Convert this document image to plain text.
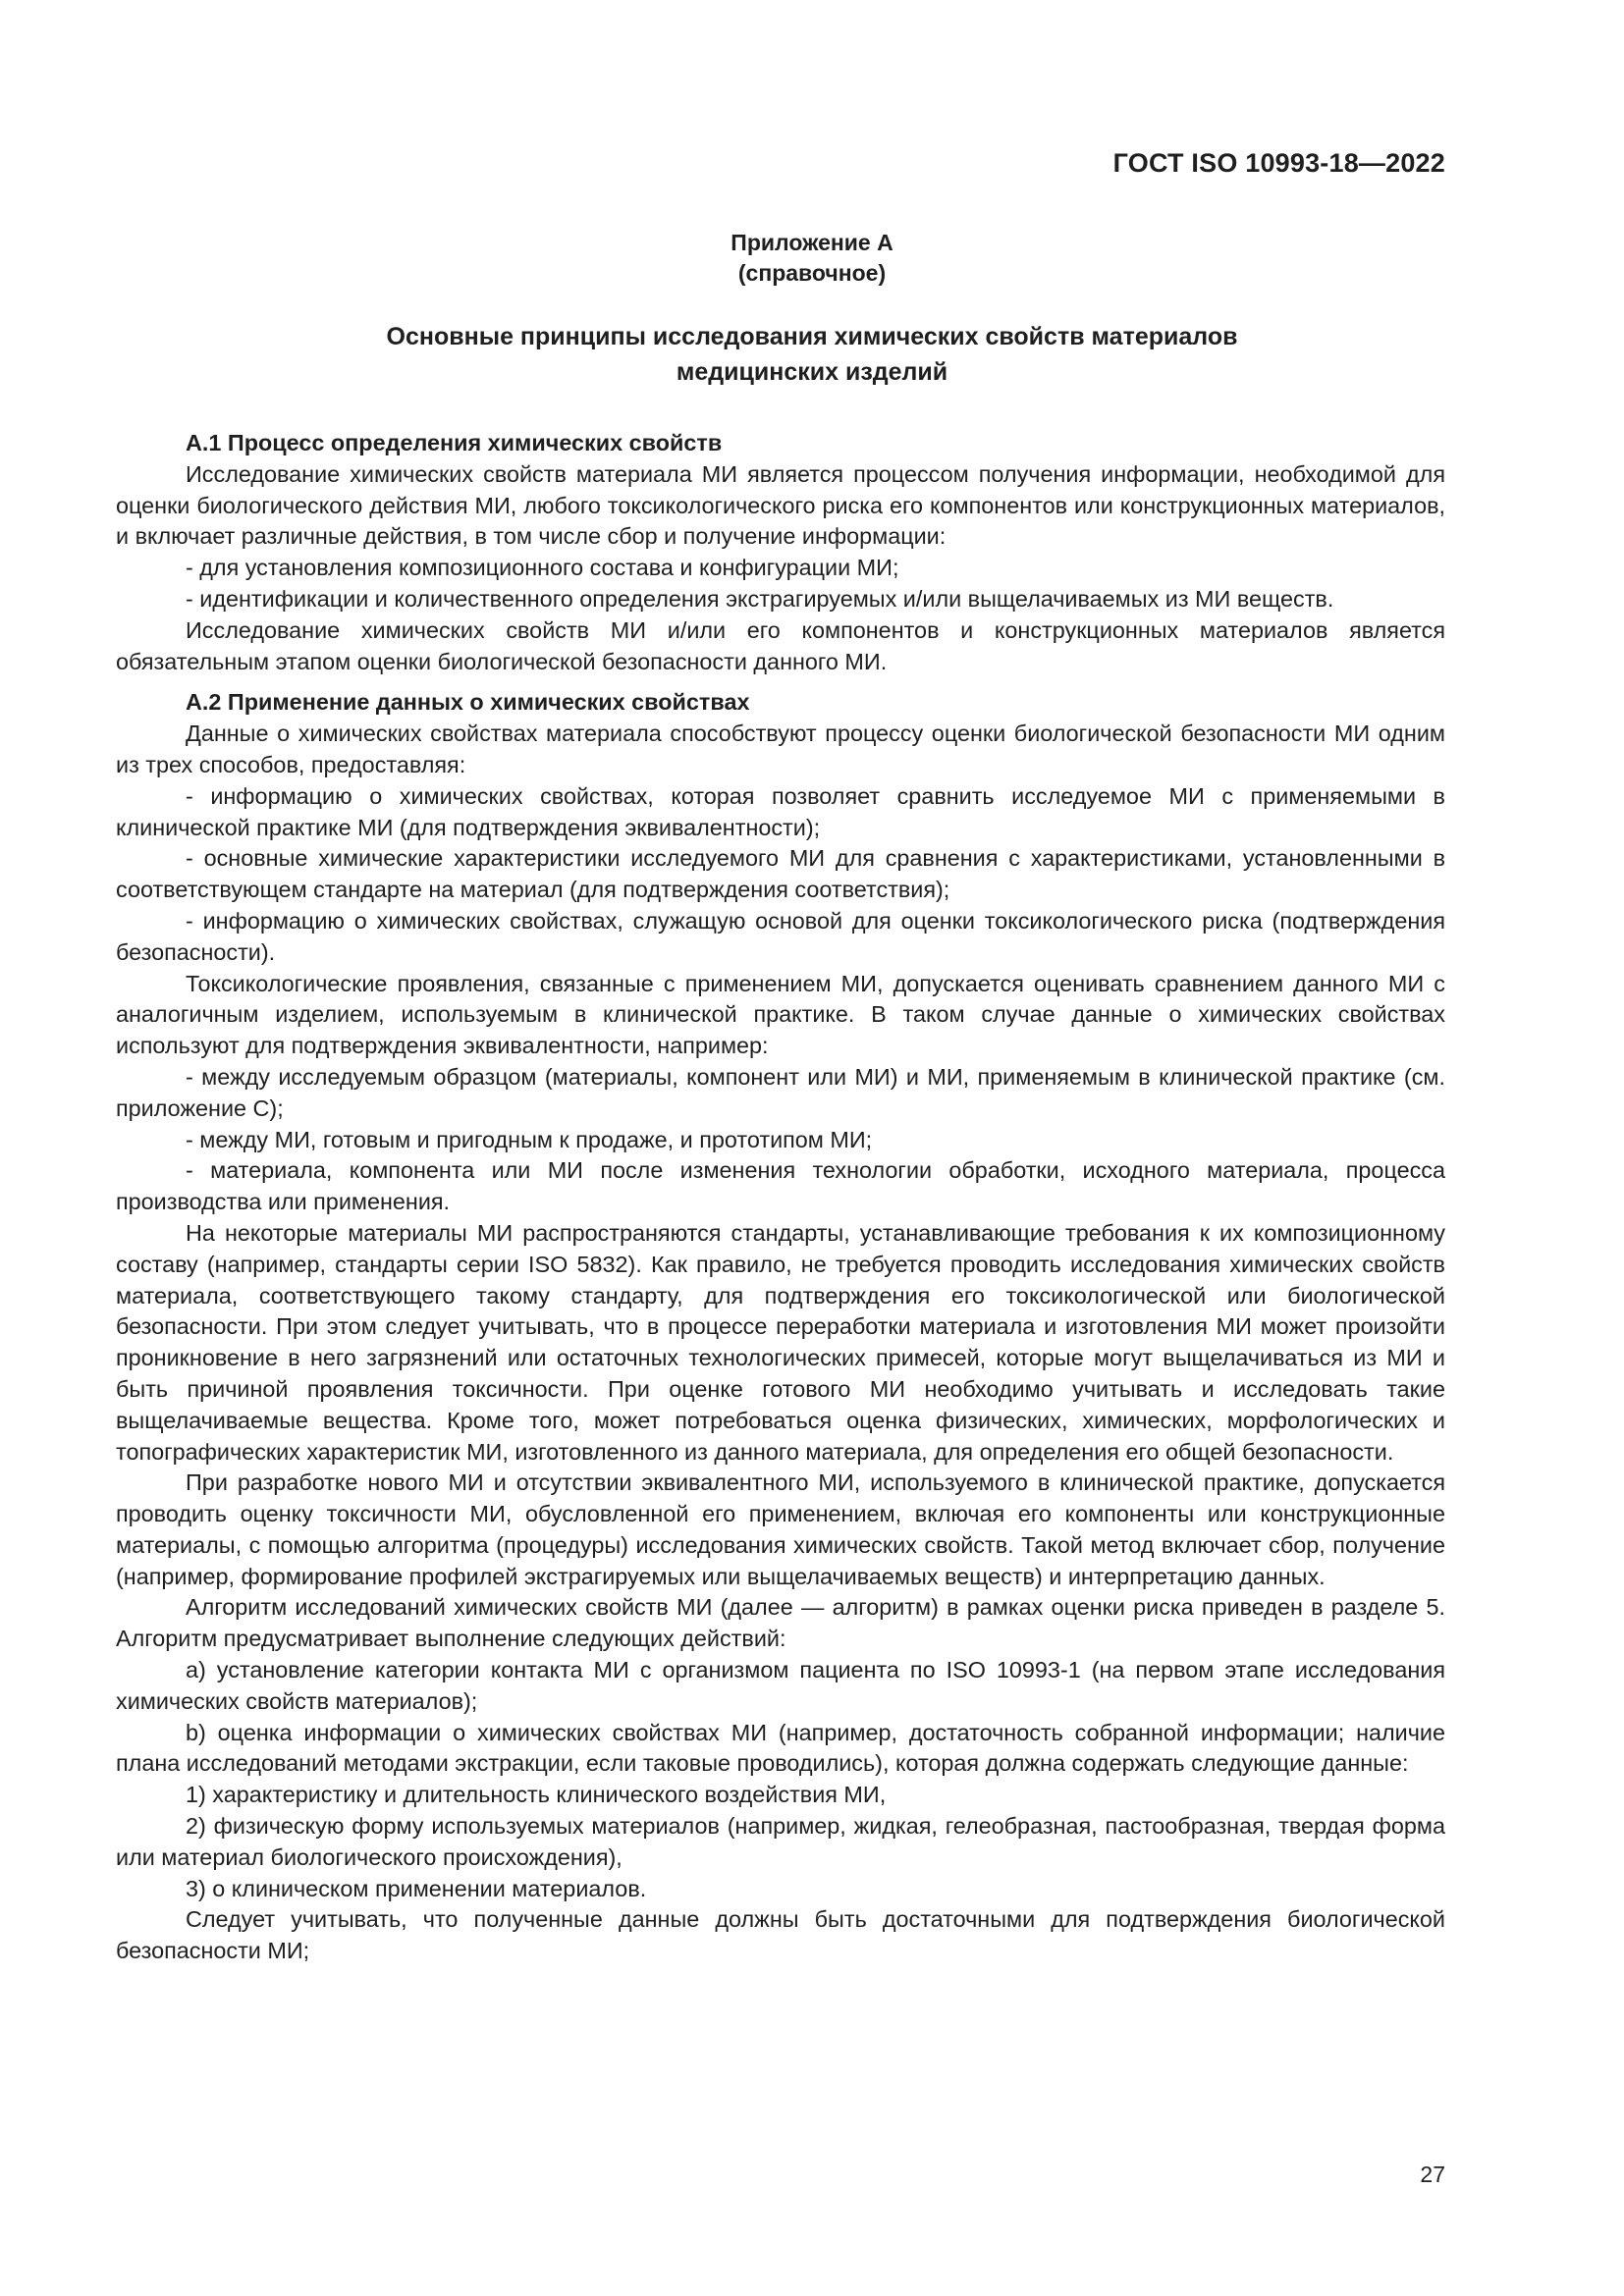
ГОСТ ISO 10993-18—2022
Приложение А
(справочное)
Основные принципы исследования химических свойств материалов
медицинских изделий
А.1 Процесс определения химических свойств

Исследование химических свойств материала МИ является процессом получения информации, необходимой для оценки биологического действия МИ, любого токсикологического риска его компонентов или конструкционных материалов, и включает различные действия, в том числе сбор и получение информации:

- для установления композиционного состава и конфигурации МИ;

- идентификации и количественного определения экстрагируемых и/или выщелачиваемых из МИ веществ.

Исследование химических свойств МИ и/или его компонентов и конструкционных материалов является обязательным этапом оценки биологической безопасности данного МИ.

А.2 Применение данных о химических свойствах

Данные о химических свойствах материала способствуют процессу оценки биологической безопасности МИ одним из трех способов, предоставляя:

- информацию о химических свойствах, которая позволяет сравнить исследуемое МИ с применяемыми в клинической практике МИ (для подтверждения эквивалентности);

- основные химические характеристики исследуемого МИ для сравнения с характеристиками, установленными в соответствующем стандарте на материал (для подтверждения соответствия);

- информацию о химических свойствах, служащую основой для оценки токсикологического риска (подтверждения безопасности).

Токсикологические проявления, связанные с применением МИ, допускается оценивать сравнением данного МИ с аналогичным изделием, используемым в клинической практике. В таком случае данные о химических свойствах используют для подтверждения эквивалентности, например:

- между исследуемым образцом (материалы, компонент или МИ) и МИ, применяемым в клинической практике (см. приложение С);

- между МИ, готовым и пригодным к продаже, и прототипом МИ;

- материала, компонента или МИ после изменения технологии обработки, исходного материала, процесса производства или применения.

На некоторые материалы МИ распространяются стандарты, устанавливающие требования к их композиционному составу (например, стандарты серии ISO 5832). Как правило, не требуется проводить исследования химических свойств материала, соответствующего такому стандарту, для подтверждения его токсикологической или биологической безопасности. При этом следует учитывать, что в процессе переработки материала и изготовления МИ может произойти проникновение в него загрязнений или остаточных технологических примесей, которые могут выщелачиваться из МИ и быть причиной проявления токсичности. При оценке готового МИ необходимо учитывать и исследовать такие выщелачиваемые вещества. Кроме того, может потребоваться оценка физических, химических, морфологических и топографических характеристик МИ, изготовленного из данного материала, для определения его общей безопасности.

При разработке нового МИ и отсутствии эквивалентного МИ, используемого в клинической практике, допускается проводить оценку токсичности МИ, обусловленной его применением, включая его компоненты или конструкционные материалы, с помощью алгоритма (процедуры) исследования химических свойств. Такой метод включает сбор, получение (например, формирование профилей экстрагируемых или выщелачиваемых веществ) и интерпретацию данных.

Алгоритм исследований химических свойств МИ (далее — алгоритм) в рамках оценки риска приведен в разделе 5. Алгоритм предусматривает выполнение следующих действий:

а) установление категории контакта МИ с организмом пациента по ISO 10993-1 (на первом этапе исследования химических свойств материалов);

b) оценка информации о химических свойствах МИ (например, достаточность собранной информации; наличие плана исследований методами экстракции, если таковые проводились), которая должна содержать следующие данные:

1) характеристику и длительность клинического воздействия МИ,

2) физическую форму используемых материалов (например, жидкая, гелеобразная, пастообразная, твердая форма или материал биологического происхождения),

3) о клиническом применении материалов.

Следует учитывать, что полученные данные должны быть достаточными для подтверждения биологической безопасности МИ;

27
